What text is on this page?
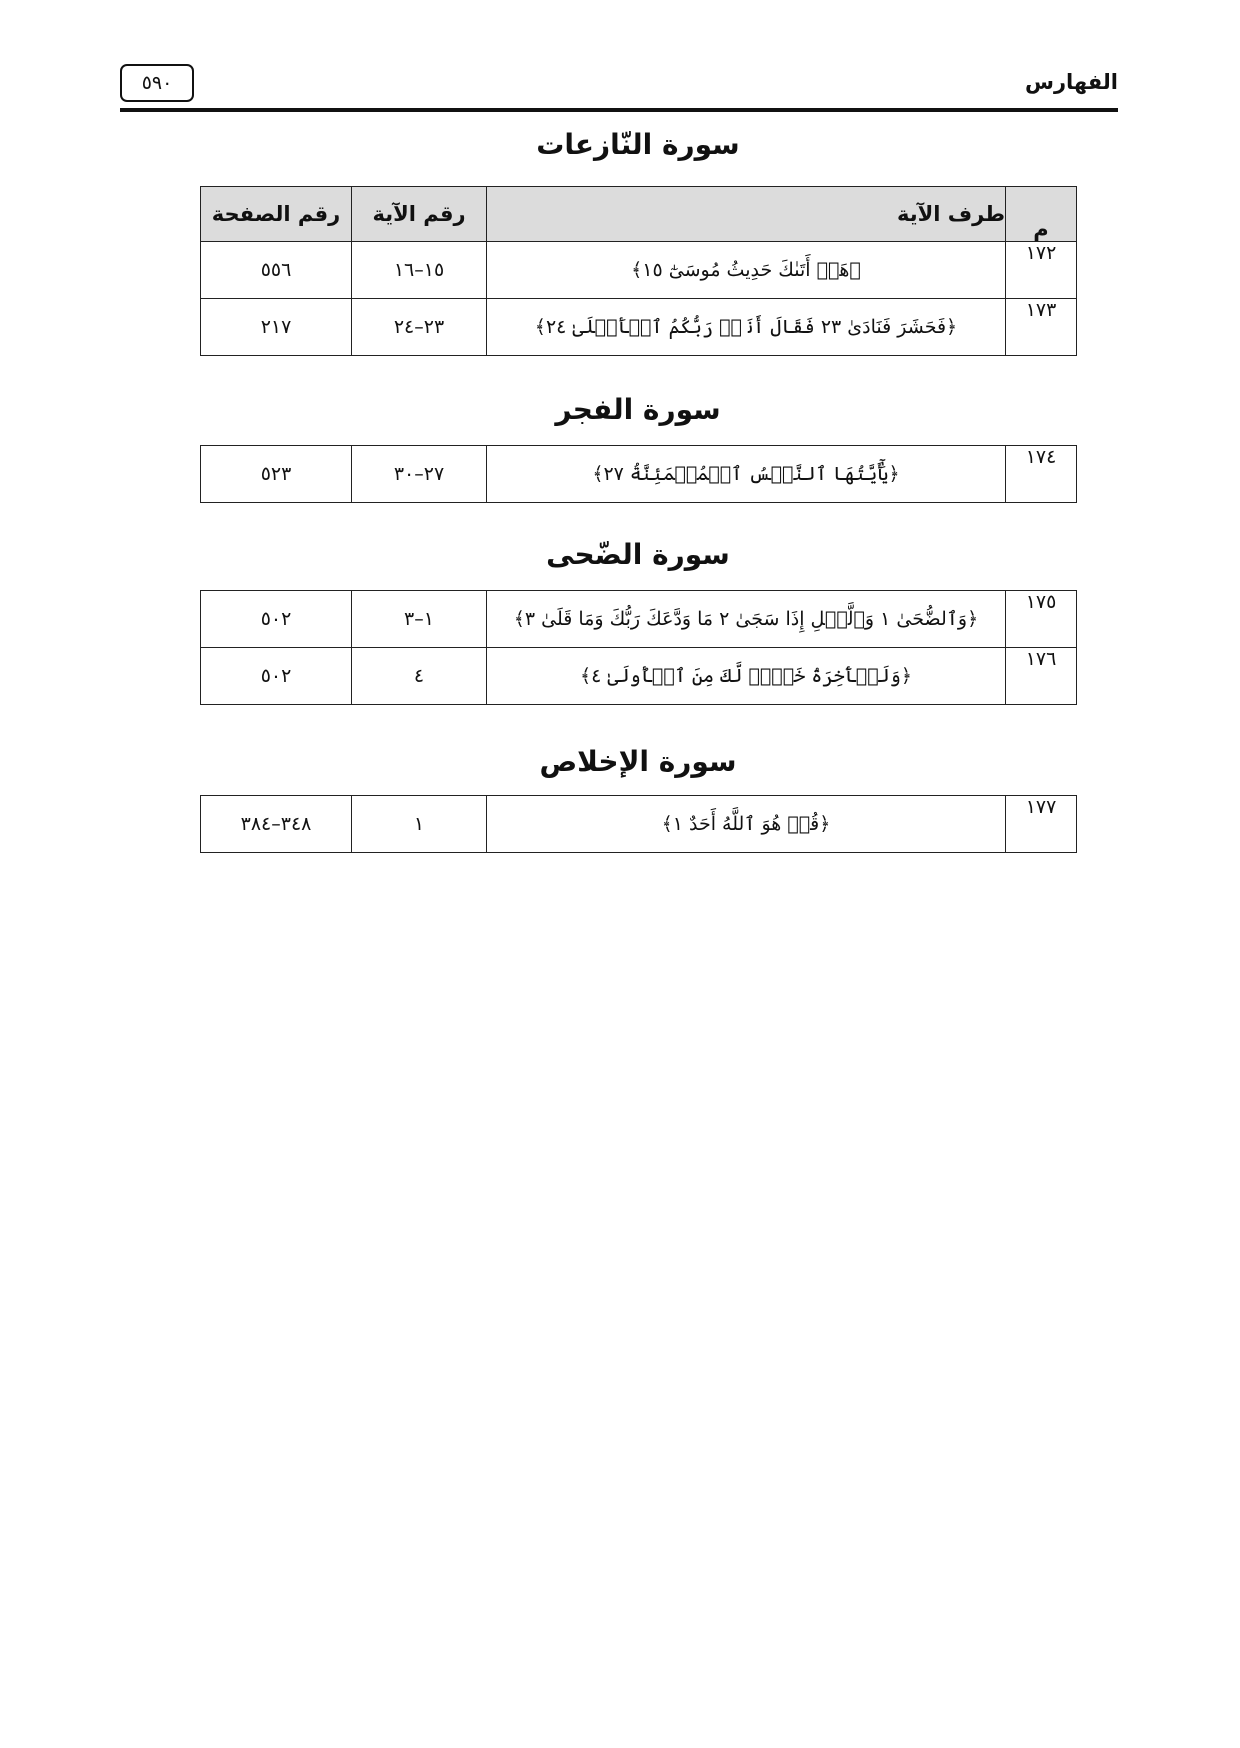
٥٩٠	الفهارس
سورة النّازعات
م	طرف الآية	رقم الآية	رقم الصفحة
١٧٢	﴿هَلۡ أَتَىٰكَ حَدِيثُ مُوسَىٰٓ ١٥﴾	١٥–١٦	٥٥٦
١٧٣	﴿فَحَشَرَ فَنَادَىٰ ٢٣ فَقَالَ أَنَا۠ رَبُّكُمُ ٱلۡأَعۡلَىٰ ٢٤﴾	٢٣–٢٤	٢١٧
سورة الفجر
١٧٤	﴿يَٰٓأَيَّتُهَا ٱلنَّفۡسُ ٱلۡمُطۡمَئِنَّةُ ٢٧﴾	٢٧–٣٠	٥٢٣
سورة الضّحى
١٧٥	﴿وَٱلضُّحَىٰ ١ وَٱلَّيۡلِ إِذَا سَجَىٰ ٢ مَا وَدَّعَكَ رَبُّكَ وَمَا قَلَىٰ ٣﴾	١–٣	٥٠٢
١٧٦	﴿وَلَلۡأٓخِرَةُ خَيۡرٞ لَّكَ مِنَ ٱلۡأُولَىٰ ٤﴾	٤	٥٠٢
سورة الإخلاص
١٧٧	﴿قُلۡ هُوَ ٱللَّهُ أَحَدٌ ١﴾	١	٣٤٨–٣٨٤
